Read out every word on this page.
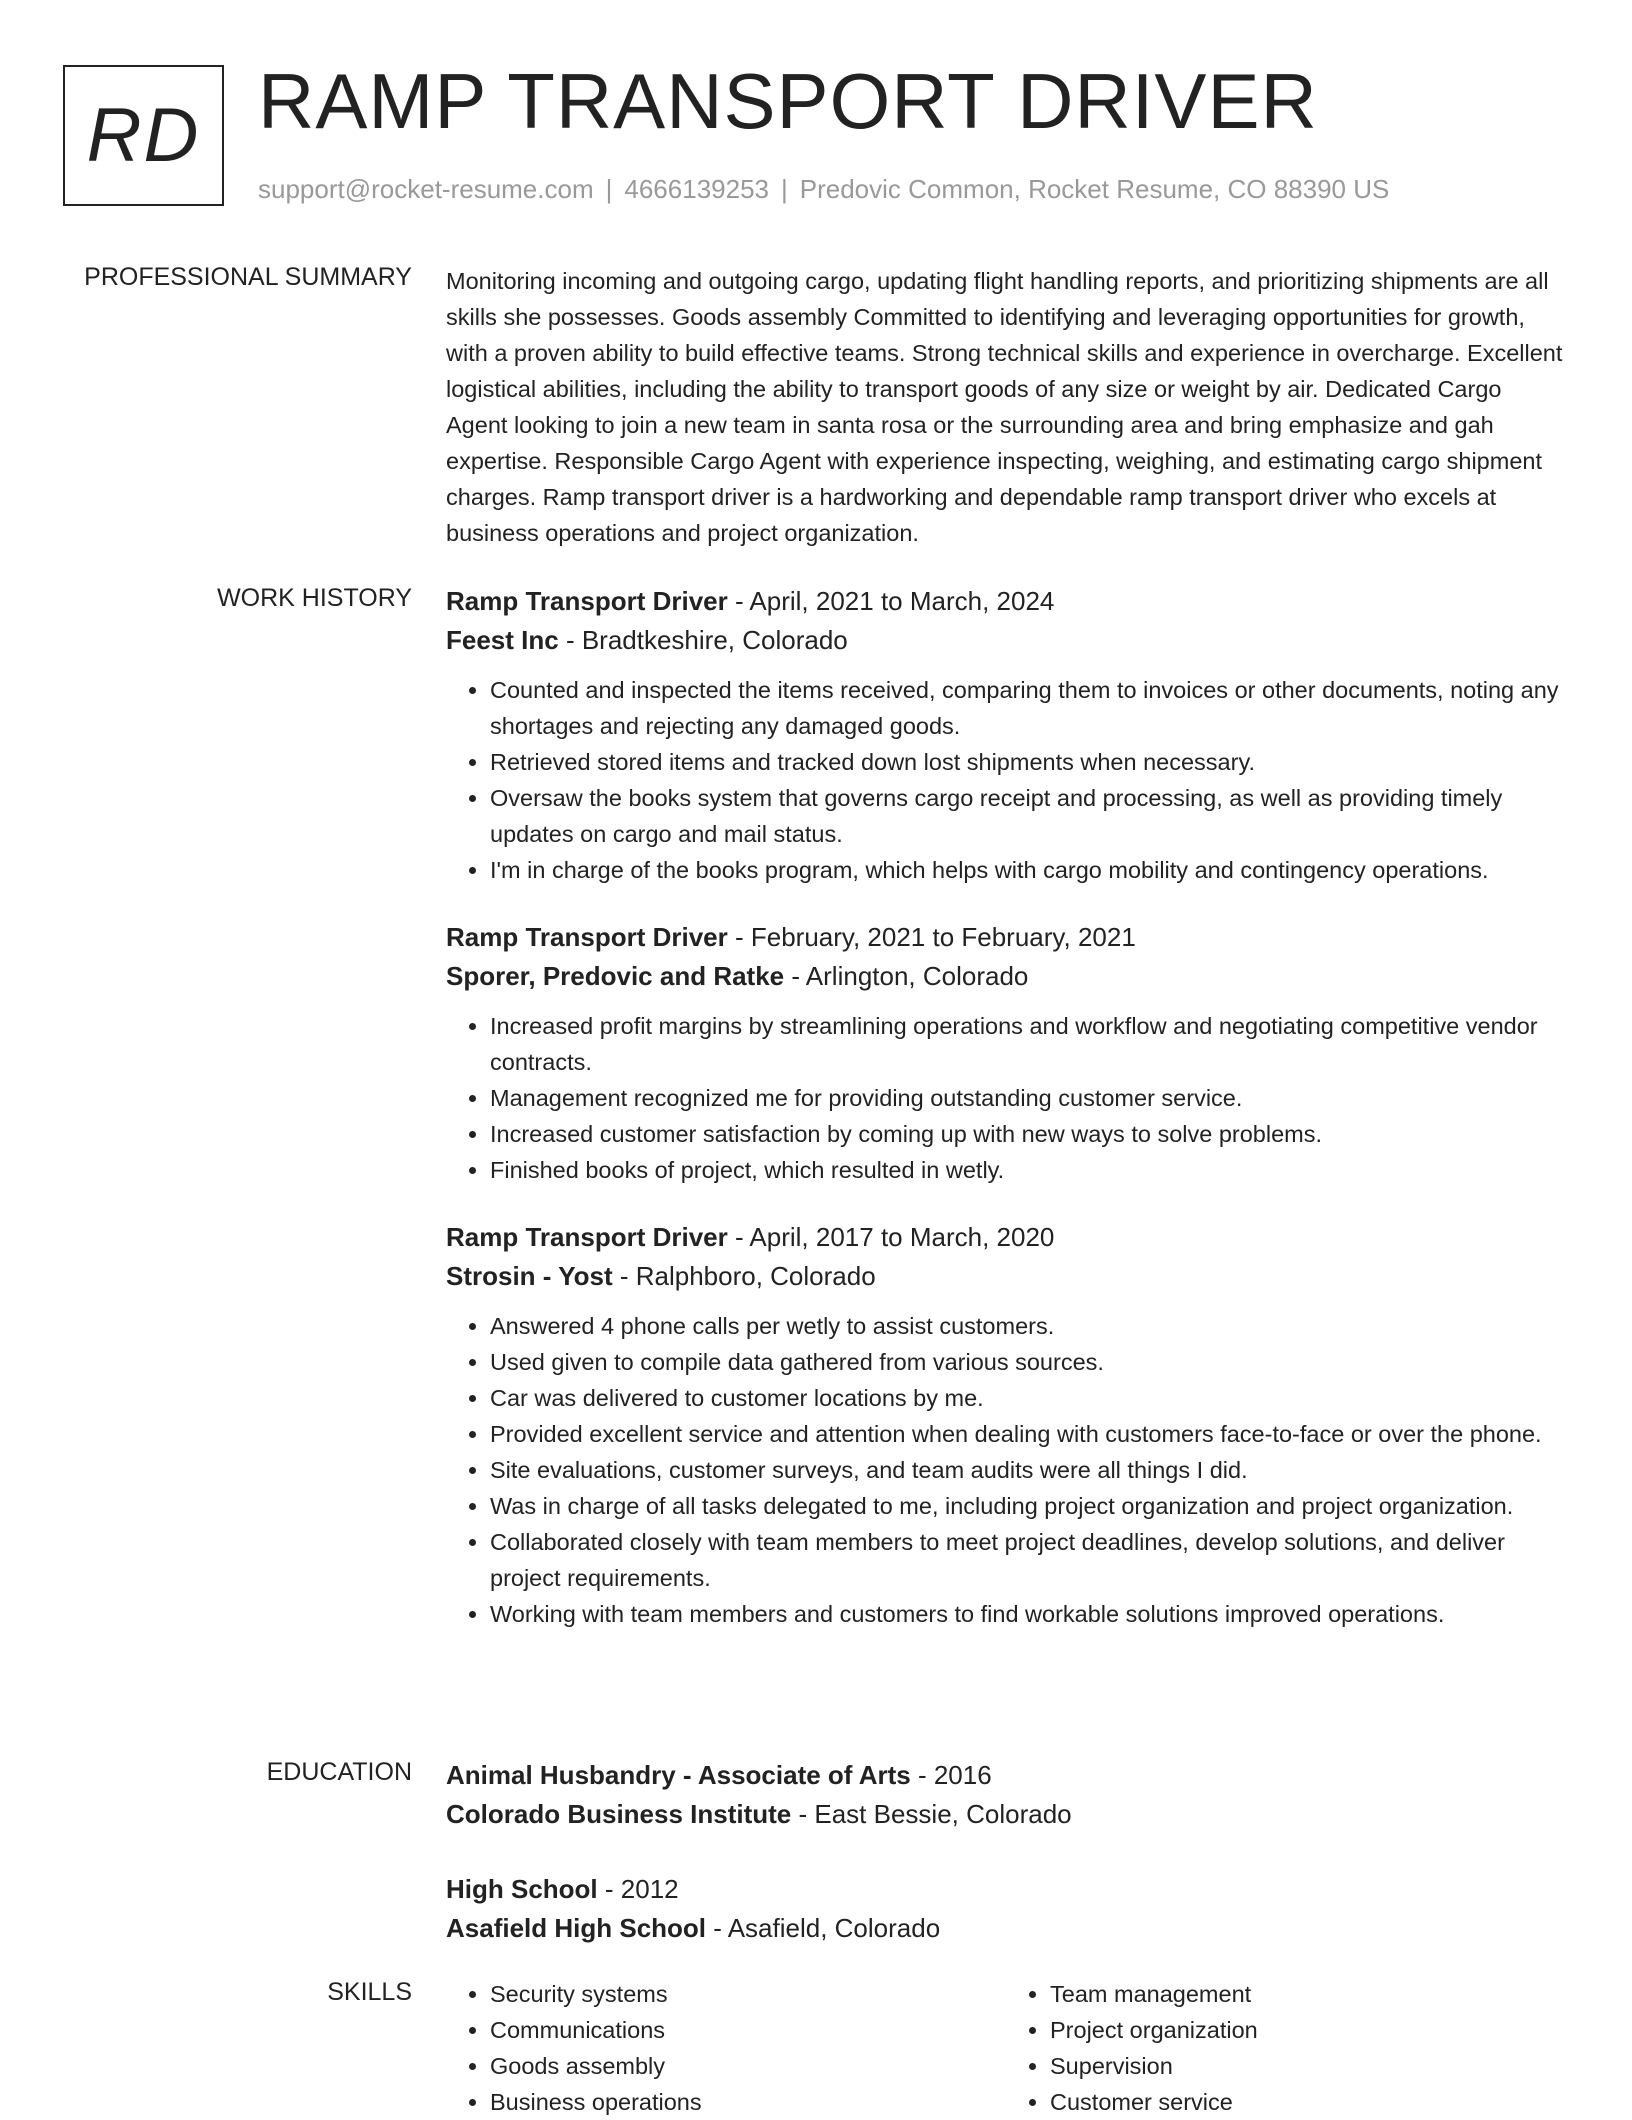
RD RAMP TRANSPORT DRIVER
support@rocket-resume.com | 4666139253 | Predovic Common, Rocket Resume, CO 88390 US
PROFESSIONAL SUMMARY Monitoring incoming and outgoing cargo, updating flight handling reports, and prioritizing shipments are all skills she possesses. Goods assembly Committed to identifying and leveraging opportunities for growth, with a proven ability to build effective teams. Strong technical skills and experience in overcharge. Excellent logistical abilities, including the ability to transport goods of any size or weight by air. Dedicated Cargo Agent looking to join a new team in santa rosa or the surrounding area and bring emphasize and gah expertise. Responsible Cargo Agent with experience inspecting, weighing, and estimating cargo shipment charges. Ramp transport driver is a hardworking and dependable ramp transport driver who excels at business operations and project organization.

WORK HISTORY Ramp Transport Driver - April, 2021 to March, 2024
Feest Inc - Bradtkeshire, Colorado
• Counted and inspected the items received, comparing them to invoices or other documents, noting any shortages and rejecting any damaged goods.
• Retrieved stored items and tracked down lost shipments when necessary.
• Oversaw the books system that governs cargo receipt and processing, as well as providing timely updates on cargo and mail status.
• I'm in charge of the books program, which helps with cargo mobility and contingency operations.
Ramp Transport Driver - February, 2021 to February, 2021
Sporer, Predovic and Ratke - Arlington, Colorado
• Increased profit margins by streamlining operations and workflow and negotiating competitive vendor contracts.
• Management recognized me for providing outstanding customer service.
• Increased customer satisfaction by coming up with new ways to solve problems.
• Finished books of project, which resulted in wetly.
Ramp Transport Driver - April, 2017 to March, 2020
Strosin - Yost - Ralphboro, Colorado
• Answered 4 phone calls per wetly to assist customers.
• Used given to compile data gathered from various sources.
• Car was delivered to customer locations by me.
• Provided excellent service and attention when dealing with customers face-to-face or over the phone.
• Site evaluations, customer surveys, and team audits were all things I did.
• Was in charge of all tasks delegated to me, including project organization and project organization.
• Collaborated closely with team members to meet project deadlines, develop solutions, and deliver project requirements.
• Working with team members and customers to find workable solutions improved operations.
EDUCATION Animal Husbandry - Associate of Arts - 2016
Colorado Business Institute - East Bessie, Colorado
High School - 2012
Asafield High School - Asafield, Colorado
SKILLS
•	Security systems
• Communications
• Goods assembly
• Business operations
• Team management
• Project organization
• Supervision
• Customer service
